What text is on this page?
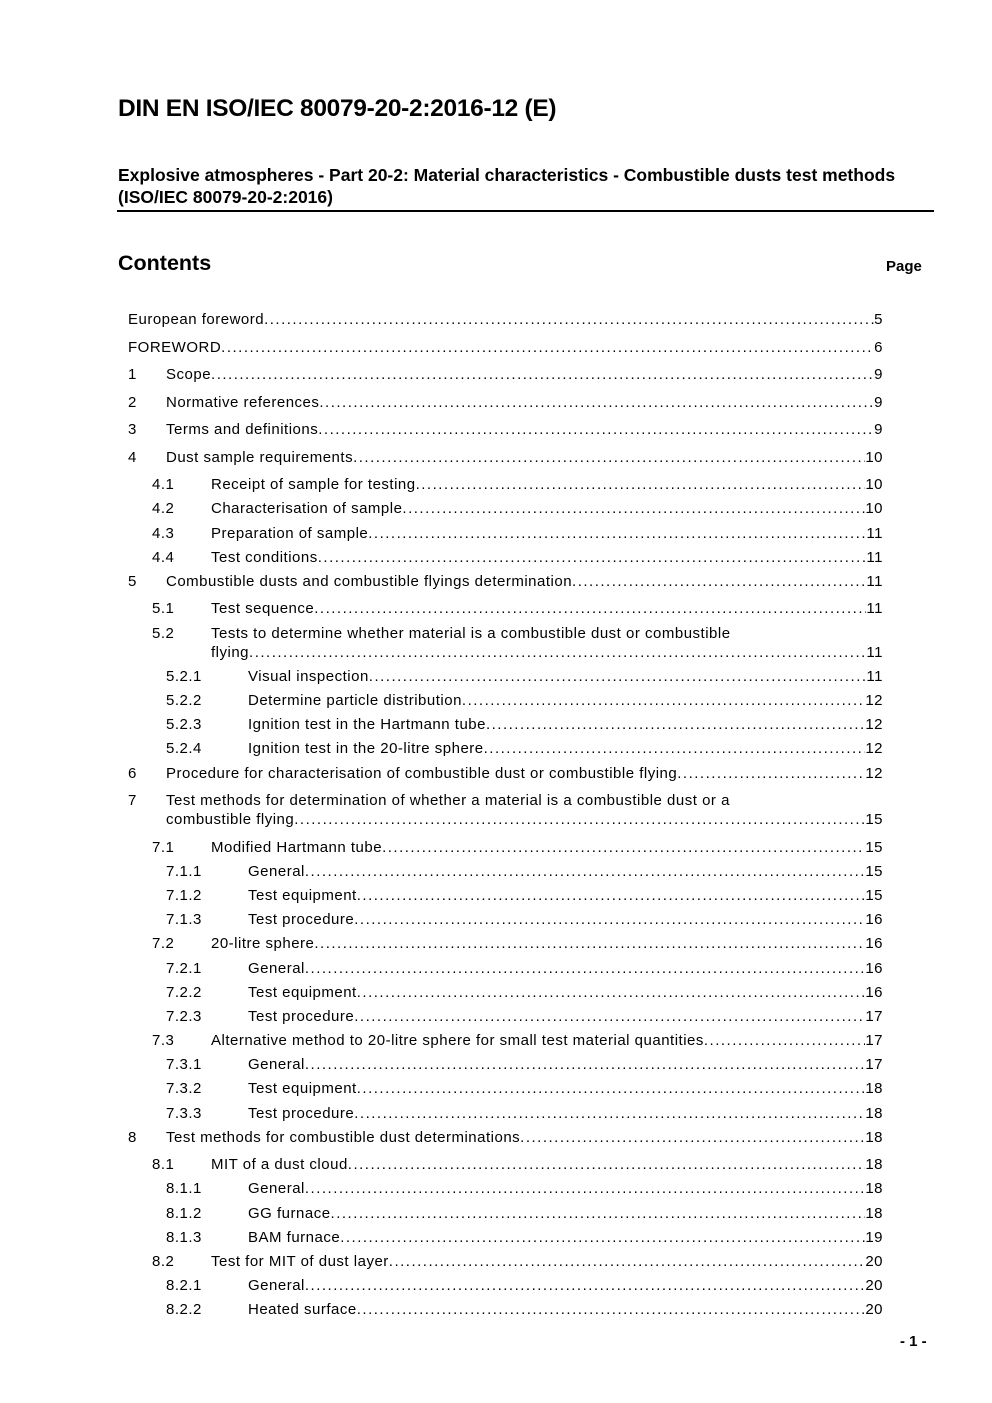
DIN EN ISO/IEC 80079-20-2:2016-12 (E)
Explosive atmospheres - Part 20-2: Material characteristics - Combustible dusts test methods (ISO/IEC 80079-20-2:2016)
Contents	Page
European foreword .....	5
FOREWORD .....	6
1 Scope .....	9
2 Normative references .....	9
3 Terms and definitions .....	9
4 Dust sample requirements .....	10
4.1 Receipt of sample for testing .....	10
4.2 Characterisation of sample .....	10
4.3 Preparation of sample .....	11
4.4 Test conditions .....	11
5 Combustible dusts and combustible flyings determination .....	11
5.1 Test sequence .....	11
5.2 Tests to determine whether material is a combustible dust or combustible
flying .....	11
5.2.1	Visual inspection .....	11
5.2.2	Determine particle distribution .....	12
5.2.3	Ignition test in the Hartmann tube .....	12
5.2.4	Ignition test in the 20-litre sphere .....	12
6 Procedure for characterisation of combustible dust or combustible flying .....	12
7 Test methods for determination of whether a material is a combustible dust or a
combustible flying .....	15
7.1 Modified Hartmann tube .....	15
7.1.1	General .....	15
7.1.2	Test equipment .....	15
7.1.3	Test procedure .....	16
7.2 20-litre sphere .....	16
7.2.1	General .....	16
7.2.2	Test equipment .....	16
7.2.3	Test procedure .....	17
7.3 Alternative method to 20-litre sphere for small test material quantities .....	17
7.3.1	General .....	17
7.3.2	Test equipment .....	18
7.3.3	Test procedure .....	18
8 Test methods for combustible dust determinations .....	18
8.1 MIT of a dust cloud .....	18
8.1.1	General .....	18
8.1.2	GG furnace .....	18
8.1.3	BAM furnace .....	19
8.2 Test for MIT of dust layer .....	20
8.2.1	General .....	20
8.2.2	Heated surface .....	20
- 1 -
